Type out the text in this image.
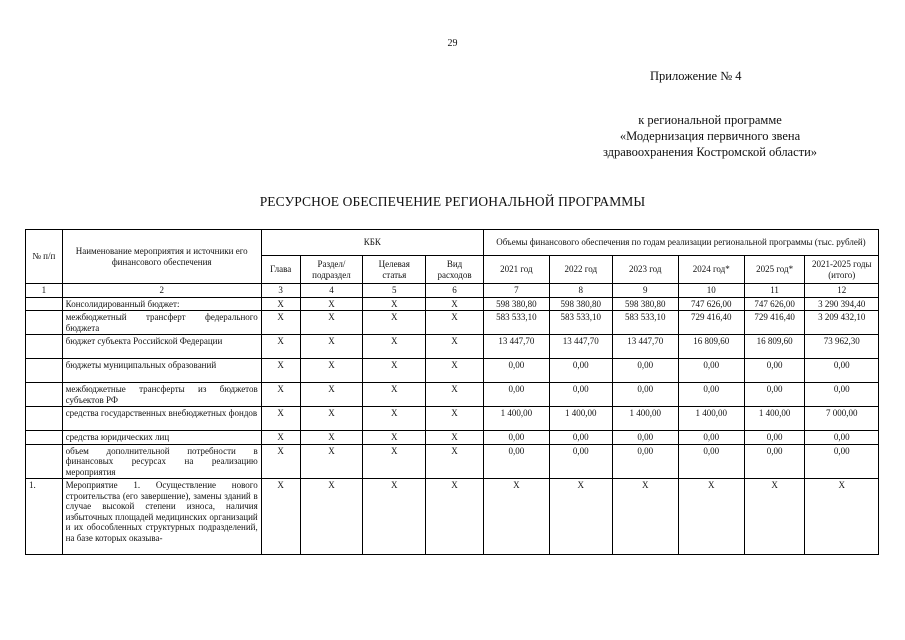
29
Приложение № 4
к региональной программе
«Модернизация первичного звена
здравоохранения Костромской области»
РЕСУРСНОЕ ОБЕСПЕЧЕНИЕ РЕГИОНАЛЬНОЙ ПРОГРАММЫ
№ п/п	Наименование мероприятия и источники его финансового обеспечения	КБК				Объемы финансового обеспечения по годам реализации региональной программы (тыс. рублей)					
		Глава	Раздел/подраздел	Целевая статья	Вид расходов	2021 год	2022 год	2023 год	2024 год*	2025 год*	2021-2025 годы (итого)
1	2	3	4	5	6	7	8	9	10	11	12
	Консолидированный бюджет:	Х	Х	Х	Х	598 380,80	598 380,80	598 380,80	747 626,00	747 626,00	3 290 394,40
	межбюджетный трансферт федерального бюджета	Х	Х	Х	Х	583 533,10	583 533,10	583 533,10	729 416,40	729 416,40	3 209 432,10
	бюджет субъекта Российской Федерации	Х	Х	Х	Х	13 447,70	13 447,70	13 447,70	16 809,60	16 809,60	73 962,30
	бюджеты муниципальных образований	Х	Х	Х	Х	0,00	0,00	0,00	0,00	0,00	0,00
	межбюджетные трансферты из бюджетов субъектов РФ	Х	Х	Х	Х	0,00	0,00	0,00	0,00	0,00	0,00
	средства государственных внебюджетных фондов	Х	Х	Х	Х	1 400,00	1 400,00	1 400,00	1 400,00	1 400,00	7 000,00
	средства юридических лиц	Х	Х	Х	Х	0,00	0,00	0,00	0,00	0,00	0,00
	объем дополнительной потребности в финансовых ресурсах на реализацию мероприятия	Х	Х	Х	Х	0,00	0,00	0,00	0,00	0,00	0,00
1.	Мероприятие 1. Осуществление нового строительства (его завершение), замены зданий в случае высокой степени износа, наличия избыточных площадей медицинских организаций и их обособленных структурных подразделений, на базе которых оказыва-	Х	Х	Х	Х	Х	Х	Х	Х	Х	Х
